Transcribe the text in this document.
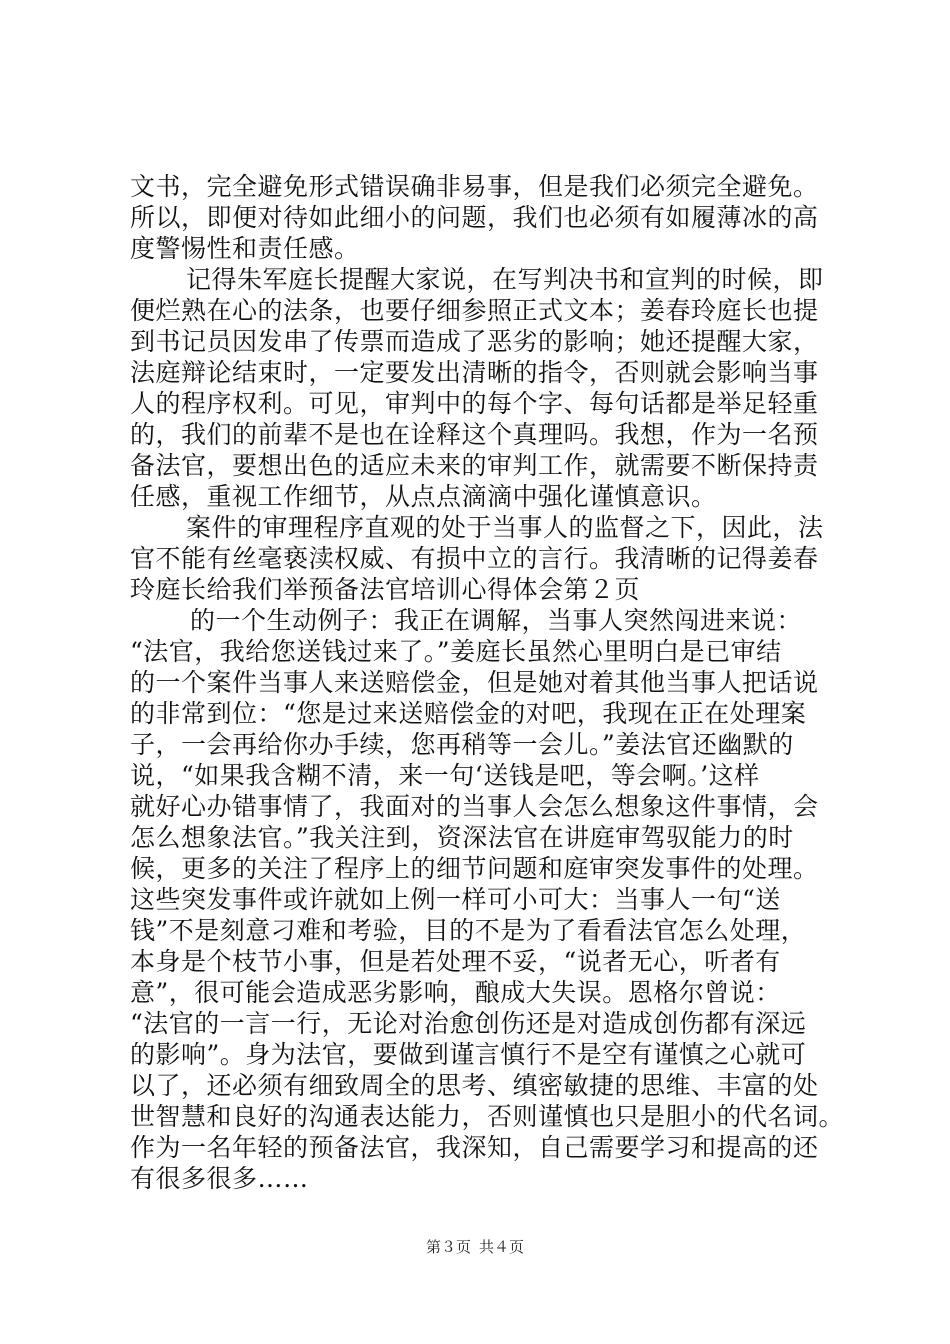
文书，完全避免形式错误确非易事，但是我们必须完全避免。
所以，即便对待如此细小的问题，我们也必须有如履薄冰的高
度警惕性和责任感。
记得朱军庭长提醒大家说，在写判决书和宣判的时候，即
便烂熟在心的法条，也要仔细参照正式文本；姜春玲庭长也提
到书记员因发串了传票而造成了恶劣的影响；她还提醒大家，
法庭辩论结束时，一定要发出清晰的指令，否则就会影响当事
人的程序权利。可见，审判中的每个字、每句话都是举足轻重
的，我们的前辈不是也在诠释这个真理吗。我想，作为一名预
备法官，要想出色的适应未来的审判工作，就需要不断保持责
任感，重视工作细节，从点点滴滴中强化谨慎意识。
案件的审理程序直观的处于当事人的监督之下，因此，法
官不能有丝毫亵渎权威、有损中立的言行。我清晰的记得姜春
玲庭长给我们举预备法官培训心得体会第２页
的一个生动例子：我正在调解，当事人突然闯进来说：
“法官，我给您送钱过来了。”姜庭长虽然心里明白是已审结
的一个案件当事人来送赔偿金，但是她对着其他当事人把话说
的非常到位：“您是过来送赔偿金的对吧，我现在正在处理案
子，一会再给你办手续，您再稍等一会儿。”姜法官还幽默的
说，“如果我含糊不清，来一句‘送钱是吧，等会啊。’这样
就好心办错事情了，我面对的当事人会怎么想象这件事情，会
怎么想象法官。”我关注到，资深法官在讲庭审驾驭能力的时
候，更多的关注了程序上的细节问题和庭审突发事件的处理。
这些突发事件或许就如上例一样可小可大：当事人一句“送
钱”不是刻意刁难和考验，目的不是为了看看法官怎么处理，
本身是个枝节小事，但是若处理不妥，“说者无心，听者有
意”，很可能会造成恶劣影响，酿成大失误。恩格尔曾说：
“法官的一言一行，无论对治愈创伤还是对造成创伤都有深远
的影响”。身为法官，要做到谨言慎行不是空有谨慎之心就可
以了，还必须有细致周全的思考、缜密敏捷的思维、丰富的处
世智慧和良好的沟通表达能力，否则谨慎也只是胆小的代名词。
作为一名年轻的预备法官，我深知，自己需要学习和提高的还
有很多很多……
第３页 共４页
